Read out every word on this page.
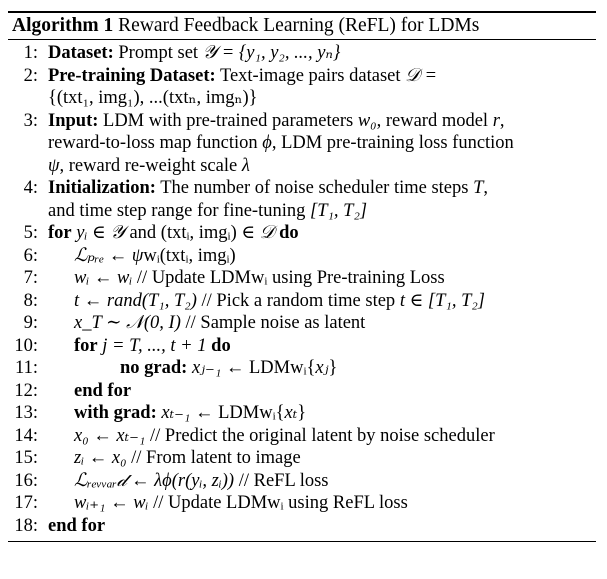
Algorithm 1 Reward Feedback Learning (ReFL) for LDMs
1: Dataset: Prompt set 𝒴 = {y₁, y₂, ..., yₙ}
2: Pre-training Dataset: Text-image pairs dataset 𝒟 =
{(txt₁, img₁), ...(txtₙ, imgₙ)}
3: Input: LDM with pre-trained parameters w₀, reward model r,
reward-to-loss map function ϕ, LDM pre-training loss function
ψ, reward re-weight scale λ
4: Initialization: The number of noise scheduler time steps T,
and time step range for fine-tuning [T₁, T₂]
5: for yᵢ ∈ 𝒴 and (txtᵢ, imgᵢ) ∈ 𝒟 do
6: ℒₚᵣₑ ← ψwᵢ(txtᵢ, imgᵢ)
7: wᵢ ← wᵢ // Update LDMwᵢ using Pre-training Loss
8: t ← rand(T₁, T₂) // Pick a random time step t ∈ [T₁, T₂]
9: x_T ∼ 𝒩(0, I) // Sample noise as latent
10: for j = T, ..., t + 1 do
11:	no grad: xⱼ₋₁ ← LDMwᵢ{xⱼ}
12: end for
13: with grad: xₜ₋₁ ← LDMwᵢ{xₜ}
14: x₀ ← xₜ₋₁ // Predict the original latent by noise scheduler
15: zᵢ ← x₀ // From latent to image
16: ℒᵣₑᵥᵥₐᵣ𝒹 ← λϕ(r(yᵢ, zᵢ)) // ReFL loss
17: wᵢ₊₁ ← wᵢ // Update LDMwᵢ using ReFL loss
18: end for
